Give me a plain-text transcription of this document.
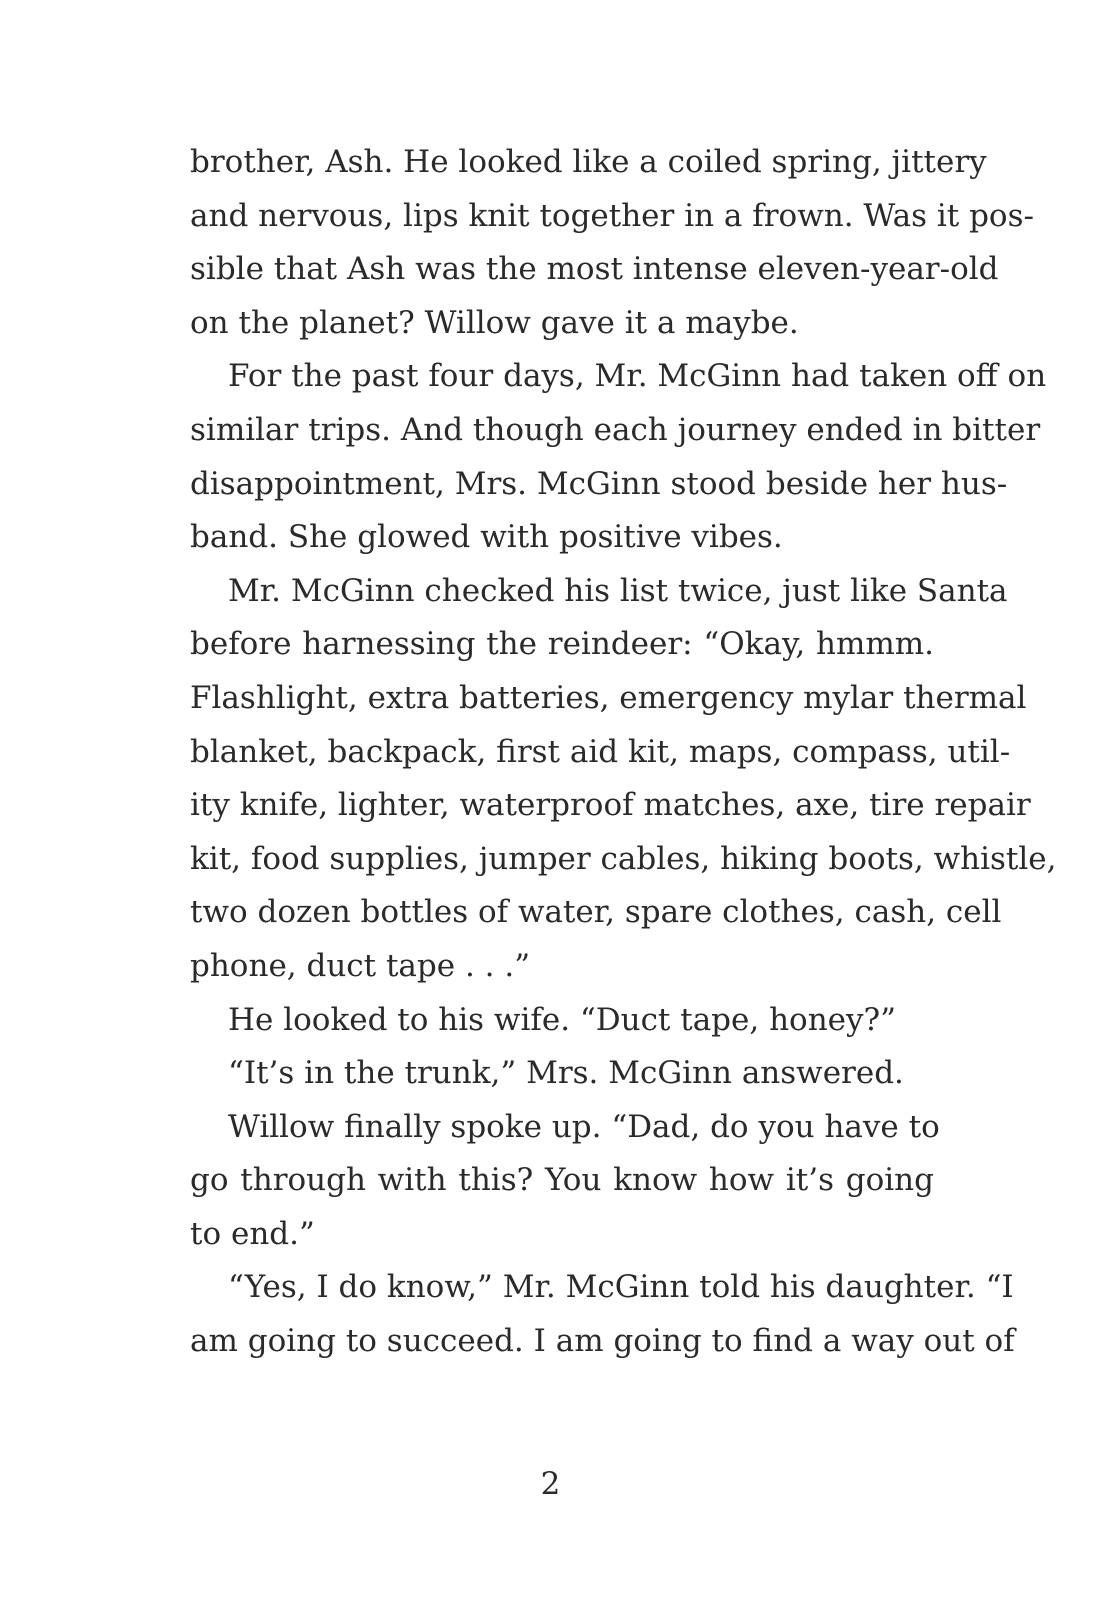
brother, Ash. He looked like a coiled spring, jittery
and nervous, lips knit together in a frown. Was it pos-
sible that Ash was the most intense eleven-year-old
on the planet? Willow gave it a maybe.
For the past four days, Mr. McGinn had taken off on
similar trips. And though each journey ended in bitter
disappointment, Mrs. McGinn stood beside her hus-
band. She glowed with positive vibes.
Mr. McGinn checked his list twice, just like Santa
before harnessing the reindeer: “Okay, hmmm.
Flashlight, extra batteries, emergency mylar thermal
blanket, backpack, first aid kit, maps, compass, util-
ity knife, lighter, waterproof matches, axe, tire repair
kit, food supplies, jumper cables, hiking boots, whistle,
two dozen bottles of water, spare clothes, cash, cell
phone, duct tape . . .”
He looked to his wife. “Duct tape, honey?”
“It’s in the trunk,” Mrs. McGinn answered.
Willow finally spoke up. “Dad, do you have to
go through with this? You know how it’s going
to end.”
“Yes, I do know,” Mr. McGinn told his daughter. “I
am going to succeed. I am going to find a way out of
2
